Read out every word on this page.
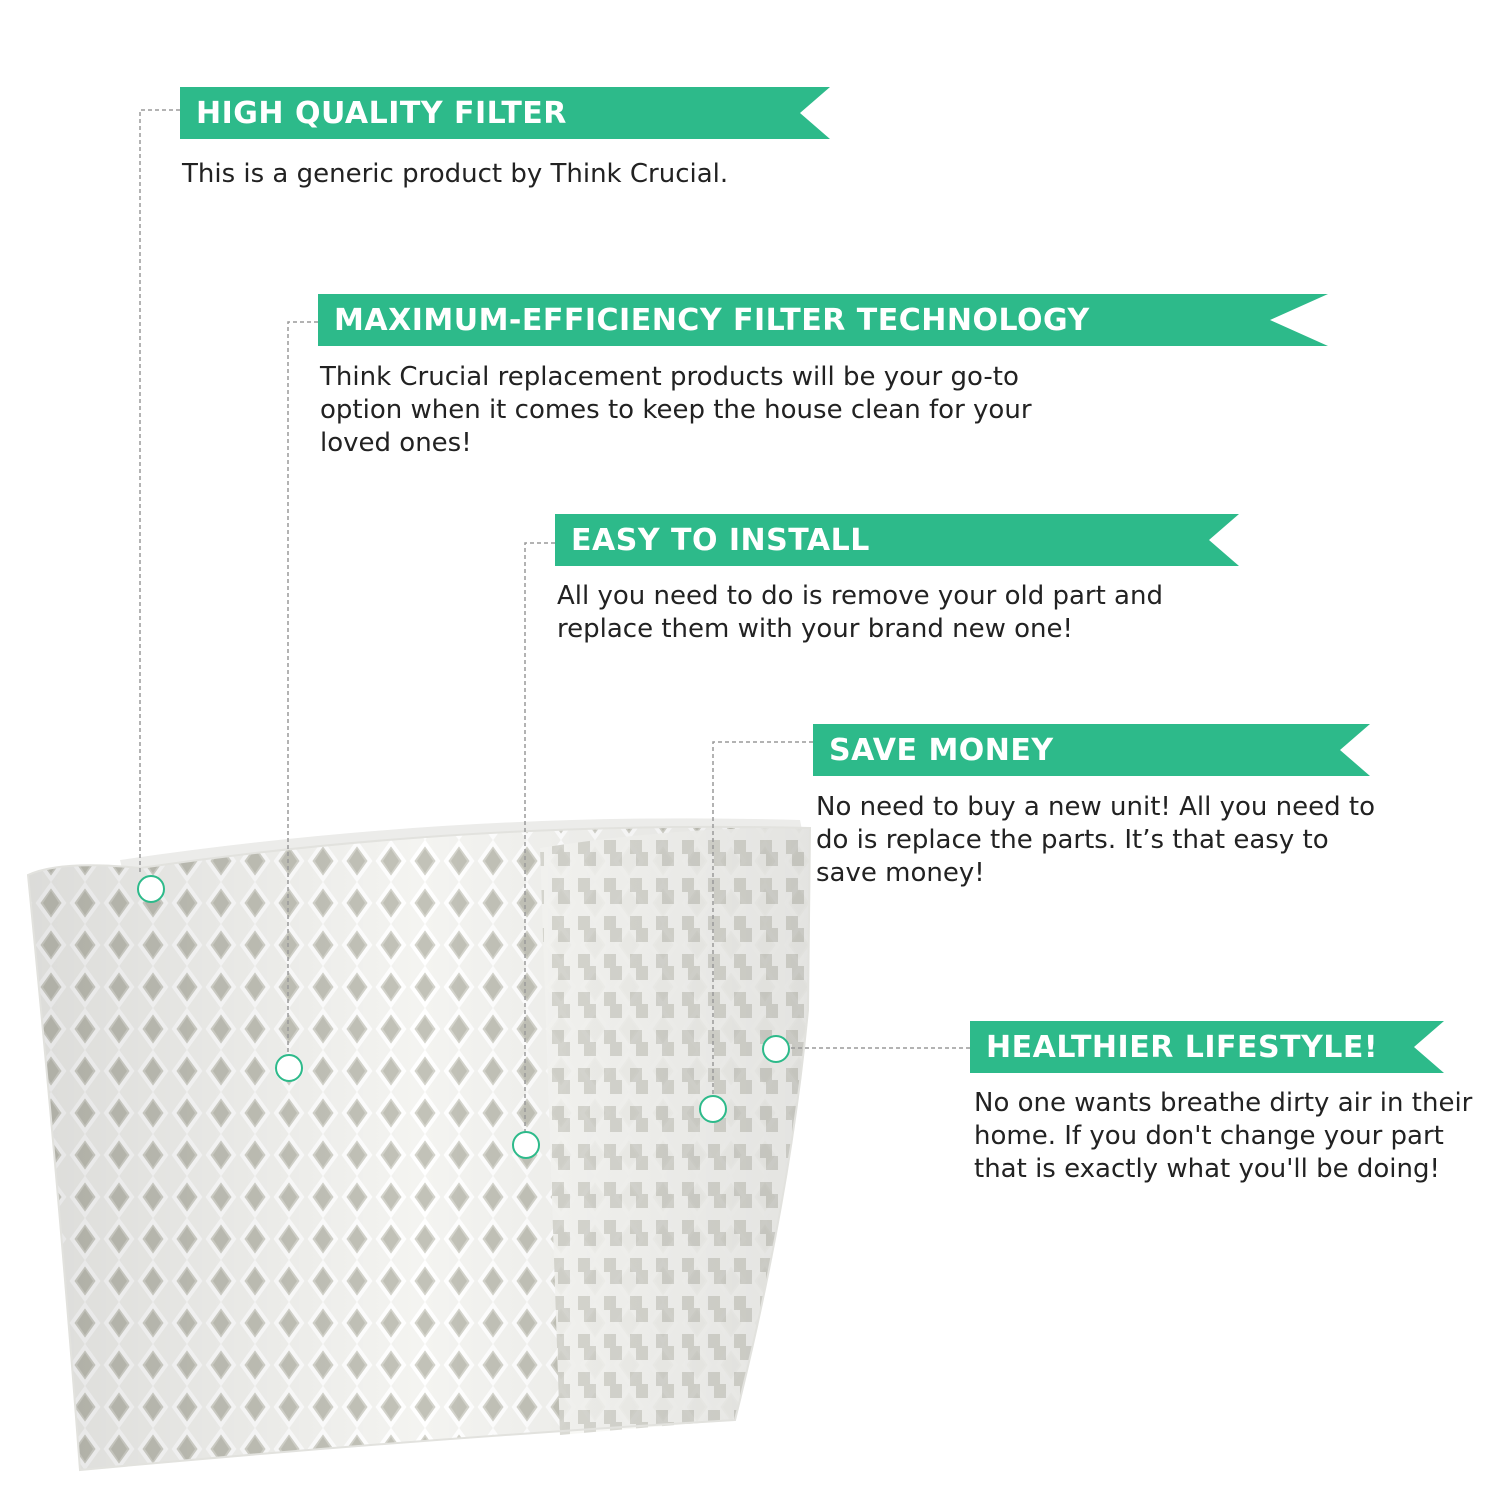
HIGH QUALITY FILTER

This is a generic product by Think Crucial.

MAXIMUM-EFFICIENCY FILTER TECHNOLOGY

Think Crucial replacement products will be your go-to option when it comes to keep the house clean for your loved ones!

EASY TO INSTALL

All you need to do is remove your old part and replace them with your brand new one!

SAVE MONEY

No need to buy a new unit! All you need to do is replace the parts. It’s that easy to save money!

HEALTHIER LIFESTYLE!

No one wants breathe dirty air in their home. If you don't change your part that is exactly what you'll be doing!
